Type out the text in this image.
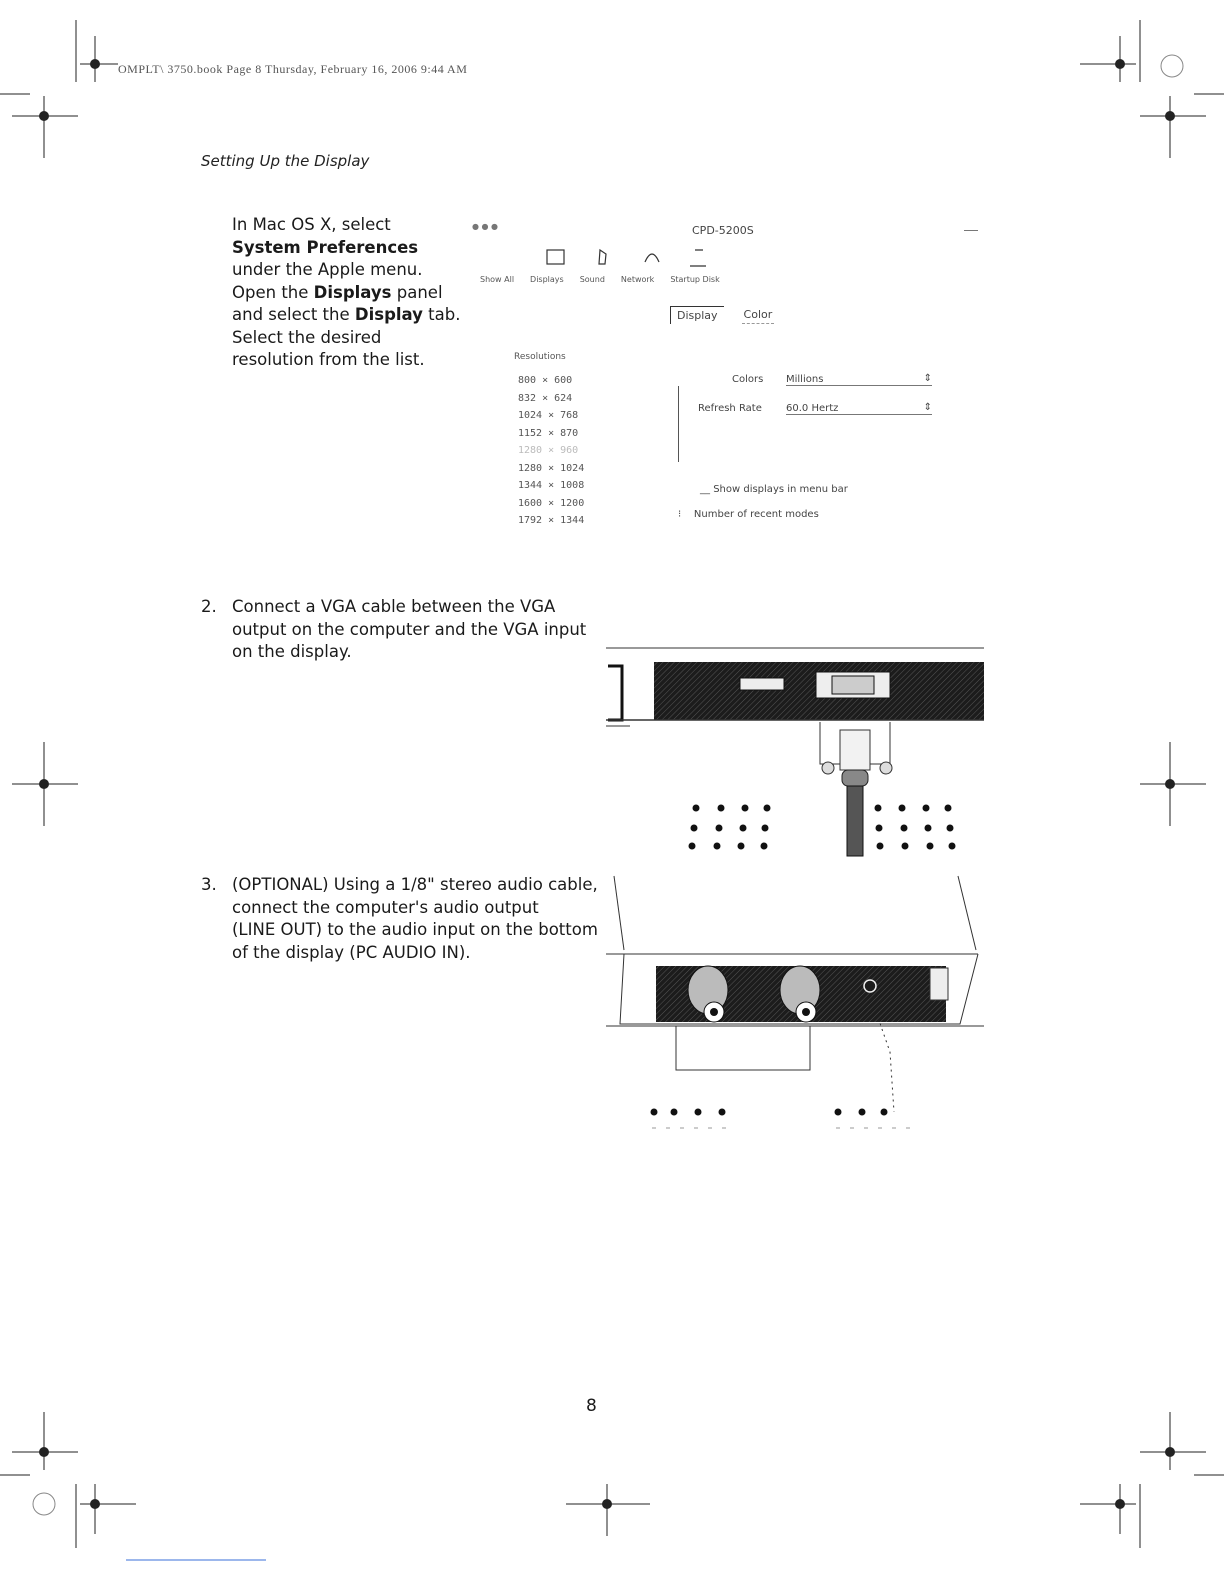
OMPLT\ 3750.book Page 8 Thursday, February 16, 2006 9:44 AM
Setting Up the Display
In Mac OS X, select
System Preferences
under the Apple menu.
Open the Displays panel
and select the Display tab.
Select the desired
resolution from the list.
● ● ●	CPD-5200S
Show All Displays Sound Network Startup Disk
Display	Color
Resolutions
800 × 600
832 × 624
1024 × 768
1152 × 870
1280 × 960
1280 × 1024
1344 × 1008
1600 × 1200
1792 × 1344
Colors Millions	⇕
Refresh Rate 60.0 Hertz	⇕
__ Show displays in menu bar
⁝    Number of recent modes
2. Connect a VGA cable between the VGA
output on the computer and the VGA input
on the display.
3. (OPTIONAL) Using a 1/8" stereo audio cable,
connect the computer's audio output
(LINE OUT) to the audio input on the bottom
of the display (PC AUDIO IN).
8
